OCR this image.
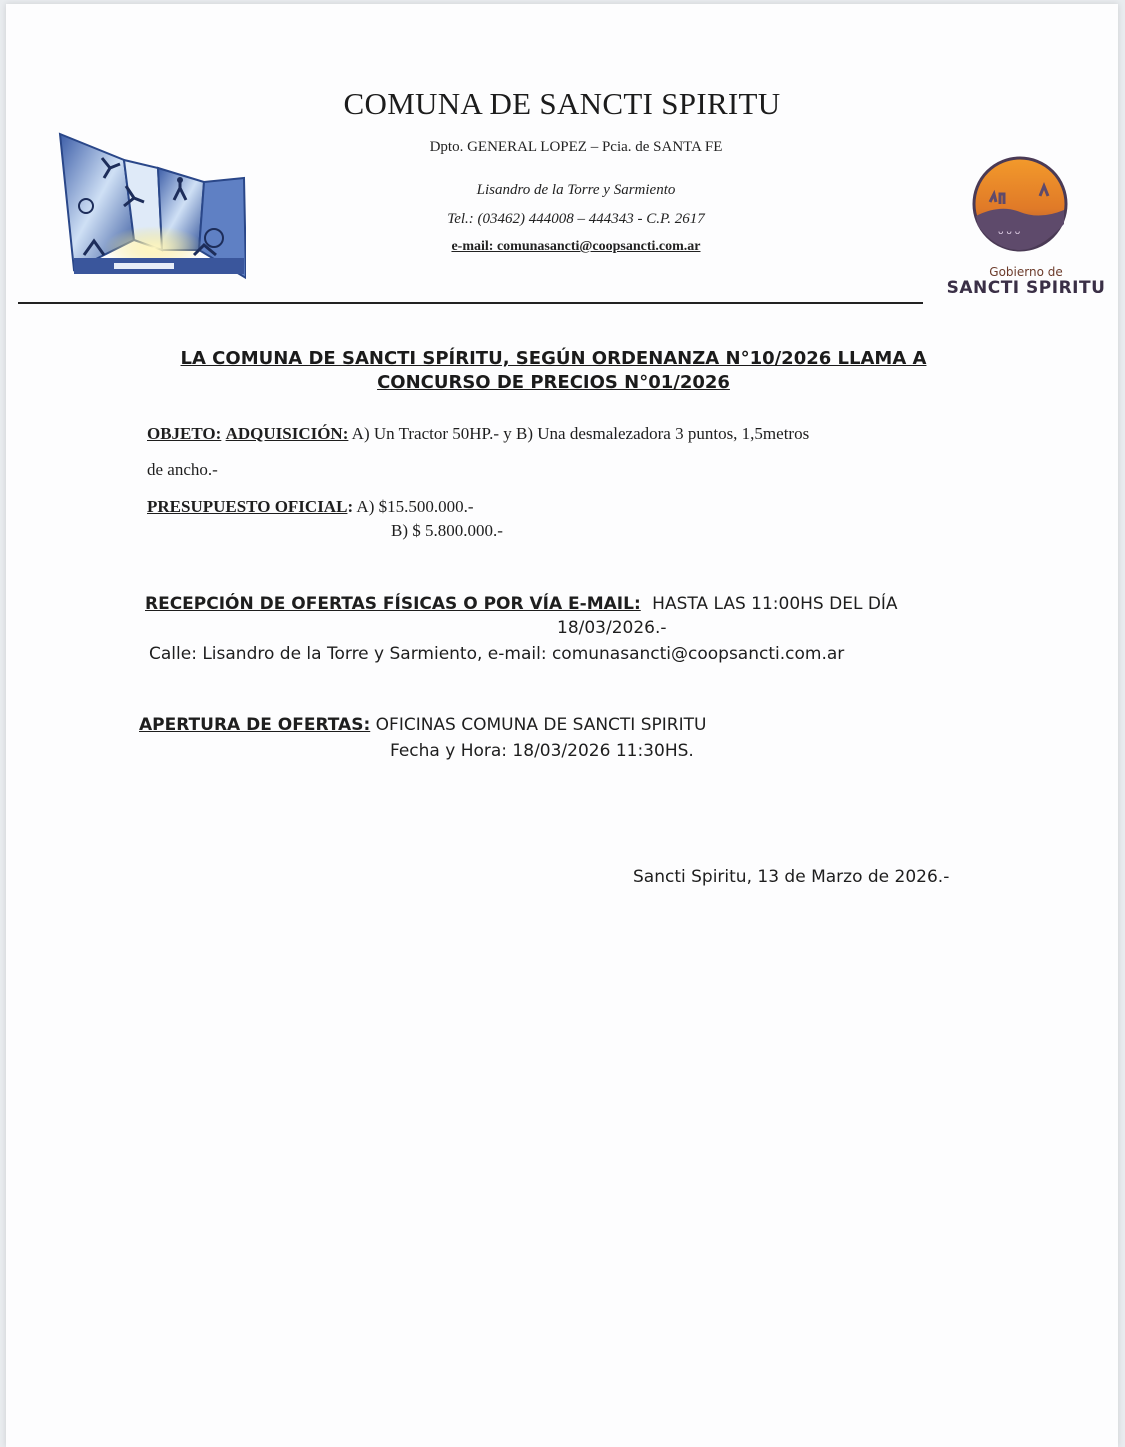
COMUNA DE SANCTI SPIRITU
Dpto. GENERAL LOPEZ – Pcia. de SANTA FE
Lisandro de la Torre y Sarmiento
Tel.: (03462) 444008 – 444343 - C.P. 2617
e-mail: comunasancti@coopsancti.com.ar
ᴗ ᴗ ᴗ
Gobierno de
SANCTI SPIRITU
LA COMUNA DE SANCTI SPÍRITU, SEGÚN ORDENANZA N°10/2026 LLAMA A
CONCURSO DE PRECIOS N°01/2026
OBJETO: ADQUISICIÓN: A) Un Tractor 50HP.- y B) Una desmalezadora 3 puntos, 1,5metros
de ancho.-
PRESUPUESTO OFICIAL: A) $15.500.000.-
B) $ 5.800.000.-
RECEPCIÓN DE OFERTAS FÍSICAS O POR VÍA E-MAIL: HASTA LAS 11:00HS DEL DÍA
18/03/2026.-
Calle: Lisandro de la Torre y Sarmiento, e-mail: comunasancti@coopsancti.com.ar
APERTURA DE OFERTAS: OFICINAS COMUNA DE SANCTI SPIRITU
Fecha y Hora: 18/03/2026 11:30HS.
Sancti Spiritu, 13 de Marzo de 2026.-
